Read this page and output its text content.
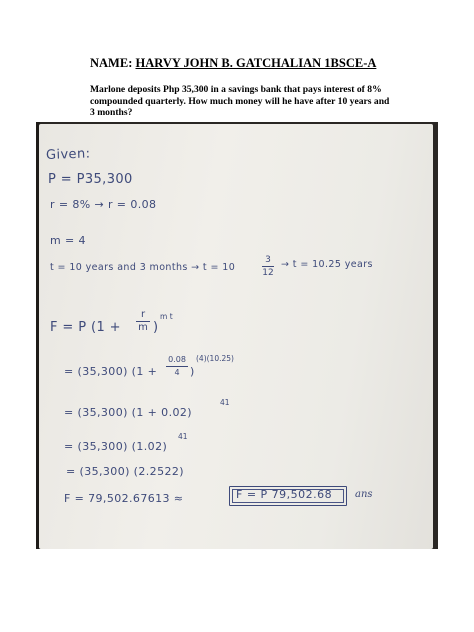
NAME: HARVY JOHN B. GATCHALIAN 1BSCE-A
Marlone deposits Php 35,300 in a savings bank that pays interest of 8% compounded quarterly. How much money will he have after 10 years and 3 months?
Given:
P = P35,300
r = 8% → r = 0.08
m = 4
t = 10 years and 3 months → t = 10
3
12
→ t = 10.25 years
F = P (1 +
r
m )
m t
= (35,300) (1 +
0.08
4 )
(4)(10.25)
= (35,300) (1 + 0.02)
41
= (35,300) (1.02)
41
= (35,300) (2.2522)
F = 79,502.67613 ≈	F = P 79,502.68 ans
